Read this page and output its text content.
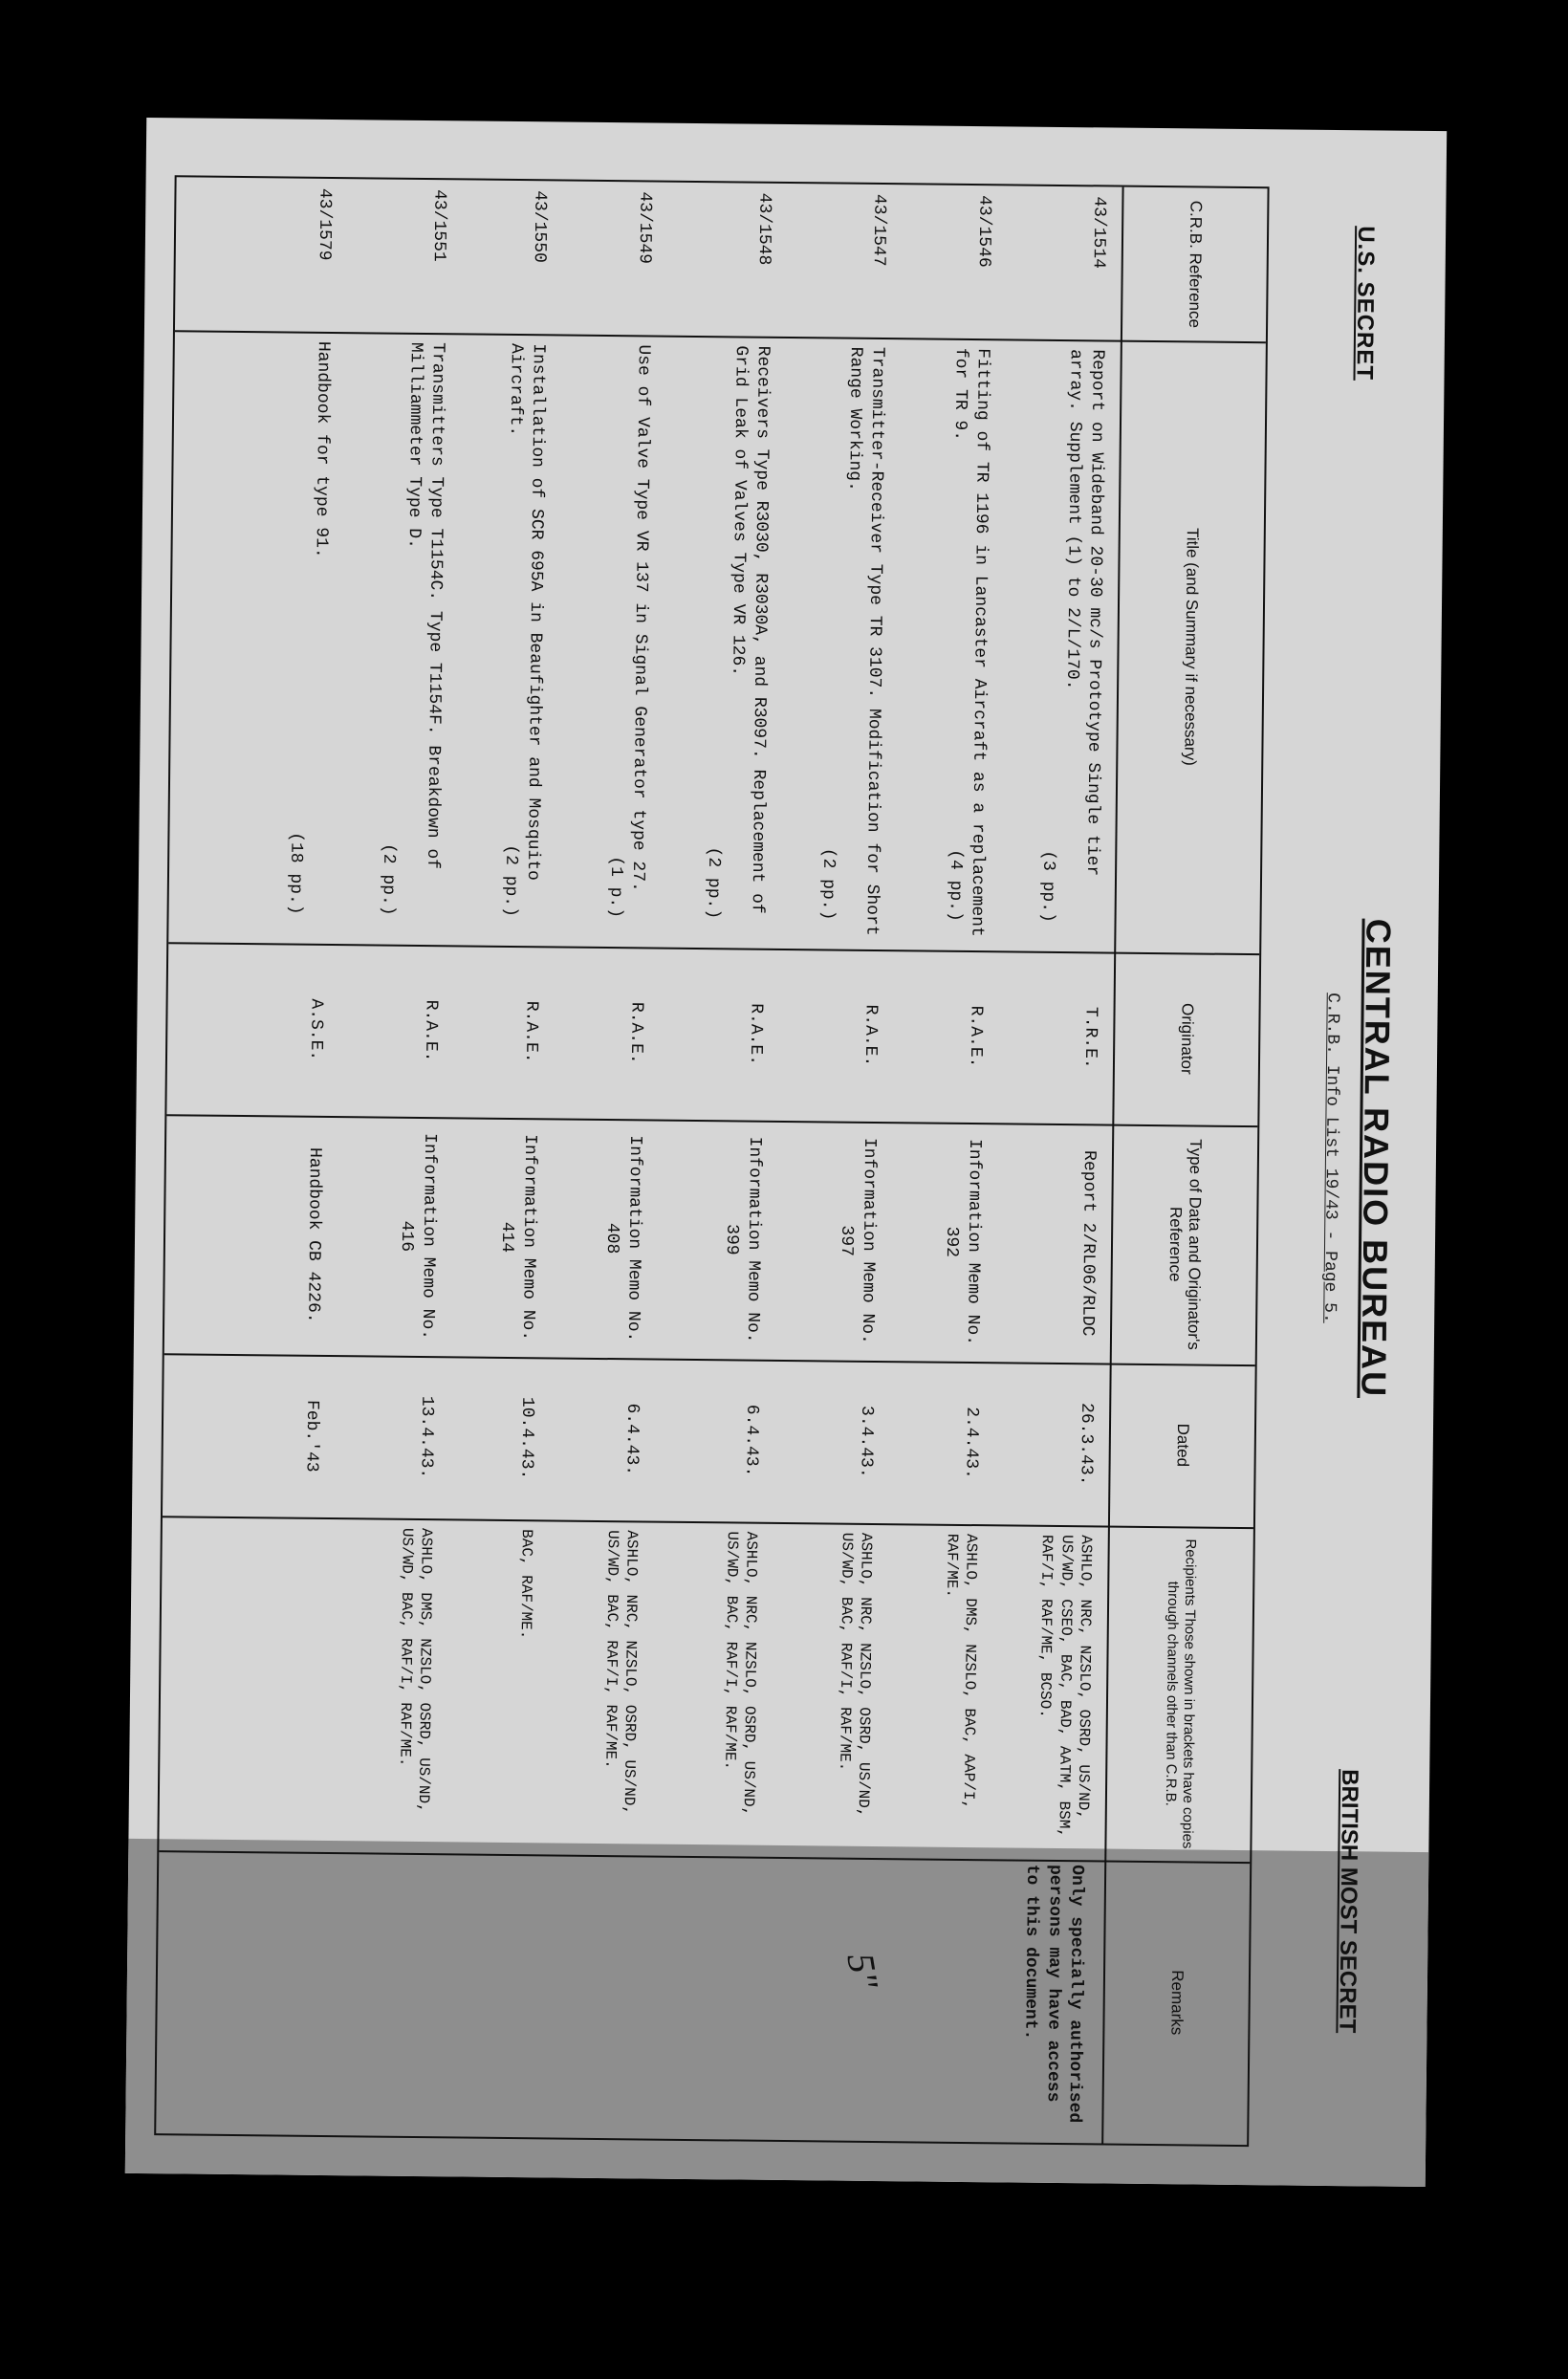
U.S. SECRET
CENTRAL RADIO BUREAU
C.R.B. Info List 19/43 - Page 5.
BRITISH MOST SECRET
C.R.B. Reference
Title (and Summary if necessary)
Originator
Type of Data and Originator's Reference
Dated
Recipients Those shown in brackets have copies through channels other than C.R.B.
Remarks
43/1514
Report on Wideband 20-30 mc/s Prototype Single tier array. Supplement (1) to 2/L/170.
(3 pp.)
T.R.E.
Report 2/RL06/RLDC
26.3.43.
ASHLO, NRC, NZSLO, OSRD, US/ND, US/WD, CSEO, BAC, BAD, AATM, BSM, RAF/I, RAF/ME, BCSO.
43/1546
Fitting of TR 1196 in Lancaster Aircraft as a replacement for TR 9.
(4 pp.)
R.A.E.
Information Memo No. 392
2.4.43.
ASHLO, DMS, NZSLO, BAC, AAP/I, RAF/ME.
43/1547
Transmitter-Receiver Type TR 3107. Modification for Short Range Working.
(2 pp.)
R.A.E.
Information Memo No. 397
3.4.43.
ASHLO, NRC, NZSLO, OSRD, US/ND, US/WD, BAC, RAF/I, RAF/ME.
43/1548
Receivers Type R3030, R3030A, and R3097. Replacement of Grid Leak of Valves Type VR 126.
(2 pp.)
R.A.E.
Information Memo No. 399
6.4.43.
ASHLO, NRC, NZSLO, OSRD, US/ND, US/WD, BAC, RAF/I, RAF/ME.
43/1549
Use of Valve Type VR 137 in Signal Generator type 27.
(1 p.)
R.A.E.
Information Memo No. 408
6.4.43.
ASHLO, NRC, NZSLO, OSRD, US/ND, US/WD, BAC, RAF/I, RAF/ME.
43/1550
Installation of SCR 695A in Beaufighter and Mosquito Aircraft.
(2 pp.)
R.A.E.
Information Memo No. 414
10.4.43.
BAC, RAF/ME.
43/1551
Transmitters Type T1154C. Type T1154F. Breakdown of Milliammeter Type D.
(2 pp.)
R.A.E.
Information Memo No. 416
13.4.43.
ASHLO, DMS, NZSLO, OSRD, US/ND, US/WD, BAC, RAF/I, RAF/ME.
43/1579
Handbook for type 91.
(18 pp.)
A.S.E.
Handbook CB 4226.
Feb.'43
Only specially authorised persons may have access to this document.
5"
